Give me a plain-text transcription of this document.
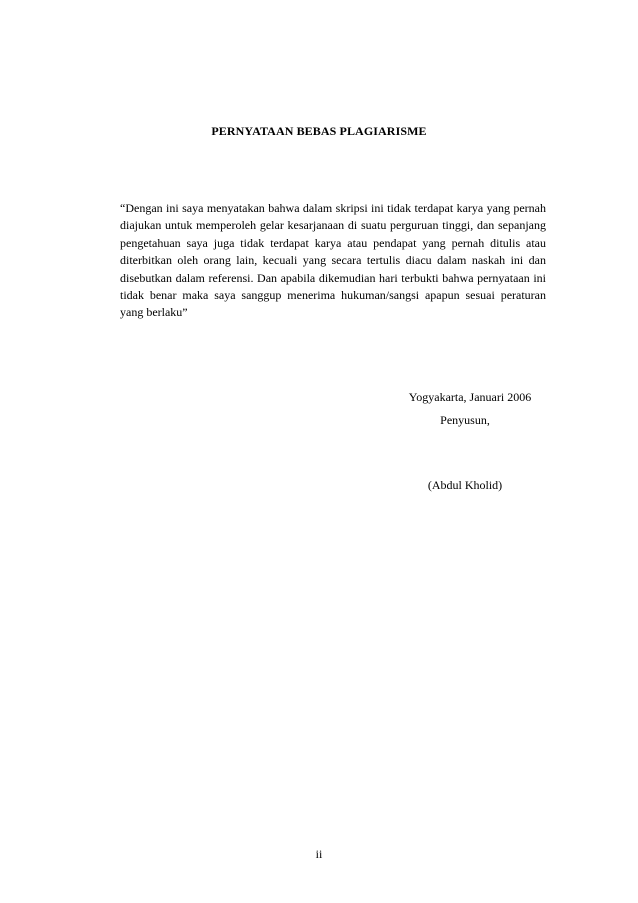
PERNYATAAN BEBAS PLAGIARISME

“Dengan ini saya menyatakan bahwa dalam skripsi ini tidak terdapat karya yang pernah diajukan untuk memperoleh gelar kesarjanaan di suatu perguruan tinggi, dan sepanjang pengetahuan saya juga tidak terdapat karya atau pendapat yang pernah ditulis atau diterbitkan oleh orang lain, kecuali yang secara tertulis diacu dalam naskah ini dan disebutkan dalam referensi. Dan apabila dikemudian hari terbukti bahwa pernyataan ini tidak benar maka saya sanggup menerima hukuman/sangsi apapun sesuai peraturan yang berlaku”

Yogyakarta, Januari 2006
Penyusun,
(Abdul Kholid)
ii
